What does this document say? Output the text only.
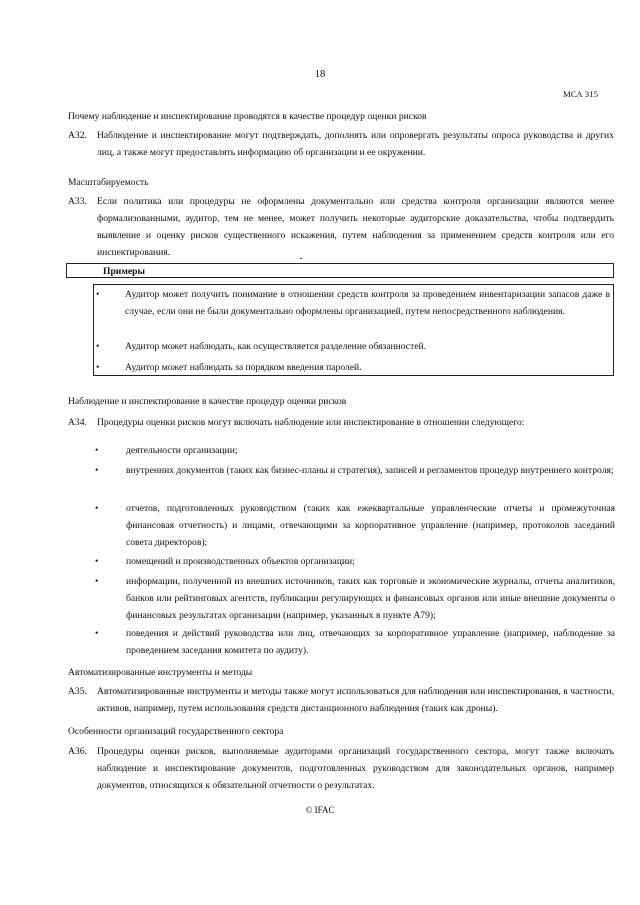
18
МСА 315
Почему наблюдение и инспектирование проводятся в качестве процедур оценки рисков
A32. Наблюдение и инспектирование могут подтверждать, дополнять или опровергать результаты опроса руководства и других лиц, а также могут предоставлять информацию об организации и ее окружении.
Масштабируемость
A33. Если политика или процедуры не оформлены документально или средства контроля организации являются менее формализованными, аудитор, тем не менее, может получить некоторые аудиторские доказательства, чтобы подтвердить выявление и оценку рисков существенного искажения, путем наблюдения за применением средств контроля или его инспектирования.
Примеры
•	Аудитор может получить понимание в отношении средств контроля за проведением инвентаризации запасов даже в случае, если они не были документально оформлены организацией, путем непосредственного наблюдения.
•	Аудитор может наблюдать, как осуществляется разделение обязанностей.
•	Аудитор может наблюдать за порядком введения паролей.
Наблюдение и инспектирование в качестве процедур оценки рисков
A34. Процедуры оценки рисков могут включать наблюдение или инспектирование в отношении следующего:
•	деятельности организации;
•	внутренних документов (таких как бизнес-планы и стратегия), записей и регламентов процедур внутреннего контроля;
•	отчетов, подготовленных руководством (таких как ежеквартальные управленческие отчеты и промежуточная финансовая отчетность) и лицами, отвечающими за корпоративное управление (например, протоколов заседаний совета директоров);
•	помещений и производственных объектов организации;
•	информации, полученной из внешних источников, таких как торговые и экономические журналы, отчеты аналитиков, банков или рейтинговых агентств, публикации регулирующих и финансовых органов или иные внешние документы о финансовых результатах организации (например, указанных в пункте A79);
•	поведения и действий руководства или лиц, отвечающих за корпоративное управление (например, наблюдение за проведением заседания комитета по аудиту).
Автоматизированные инструменты и методы
A35. Автоматизированные инструменты и методы также могут использоваться для наблюдения или инспектирования, в частности, активов, например, путем использования средств дистанционного наблюдения (таких как дроны).
Особенности организаций государственного сектора
A36. Процедуры оценки рисков, выполняемые аудиторами организаций государственного сектора, могут также включать наблюдение и инспектирование документов, подготовленных руководством для законодательных органов, например документов, относящихся к обязательной отчетности о результатах.
© IFAC
